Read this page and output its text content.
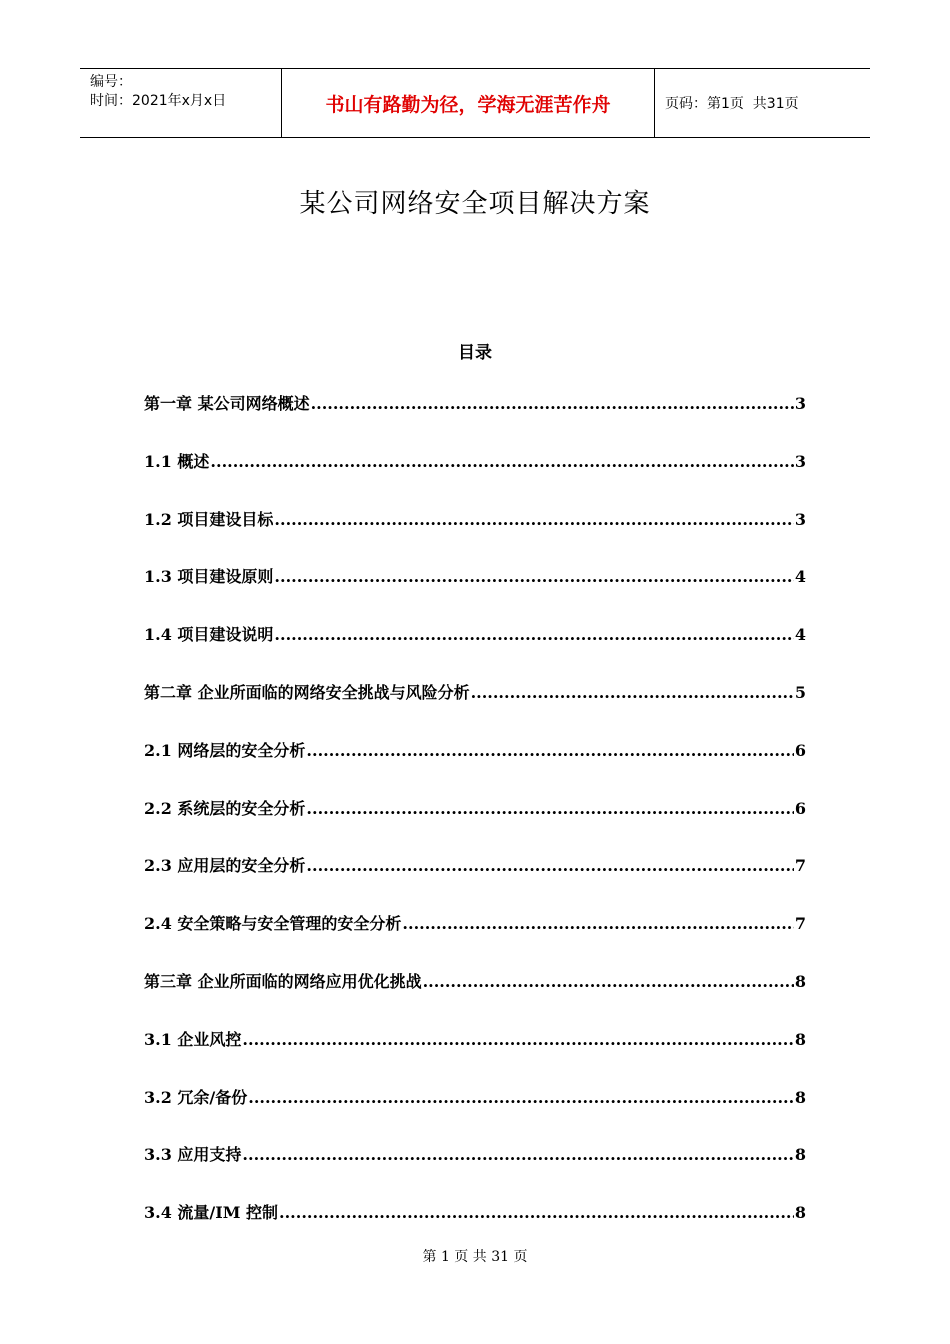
编号：
时间：2021年x月x日	书山有路勤为径，学海无涯苦作舟	页码：第1页  共31页
某公司网络安全项目解决方案
目录
第一章 某公司网络概述 .....	3
1.1 概述 .....	3
1.2 项目建设目标 .....	3
1.3 项目建设原则 .....	4
1.4 项目建设说明 .....	4
第二章 企业所面临的网络安全挑战与风险分析 .....	5
2.1 网络层的安全分析 .....	6
2.2 系统层的安全分析 .....	6
2.3 应用层的安全分析 .....	7
2.4 安全策略与安全管理的安全分析 .....	7
第三章 企业所面临的网络应用优化挑战 .....	8
3.1 企业风控 .....	8
3.2 冗余/备份 .....	8
3.3 应用支持 .....	8
3.4 流量/IM 控制 .....	8
第 1 页 共 31 页
